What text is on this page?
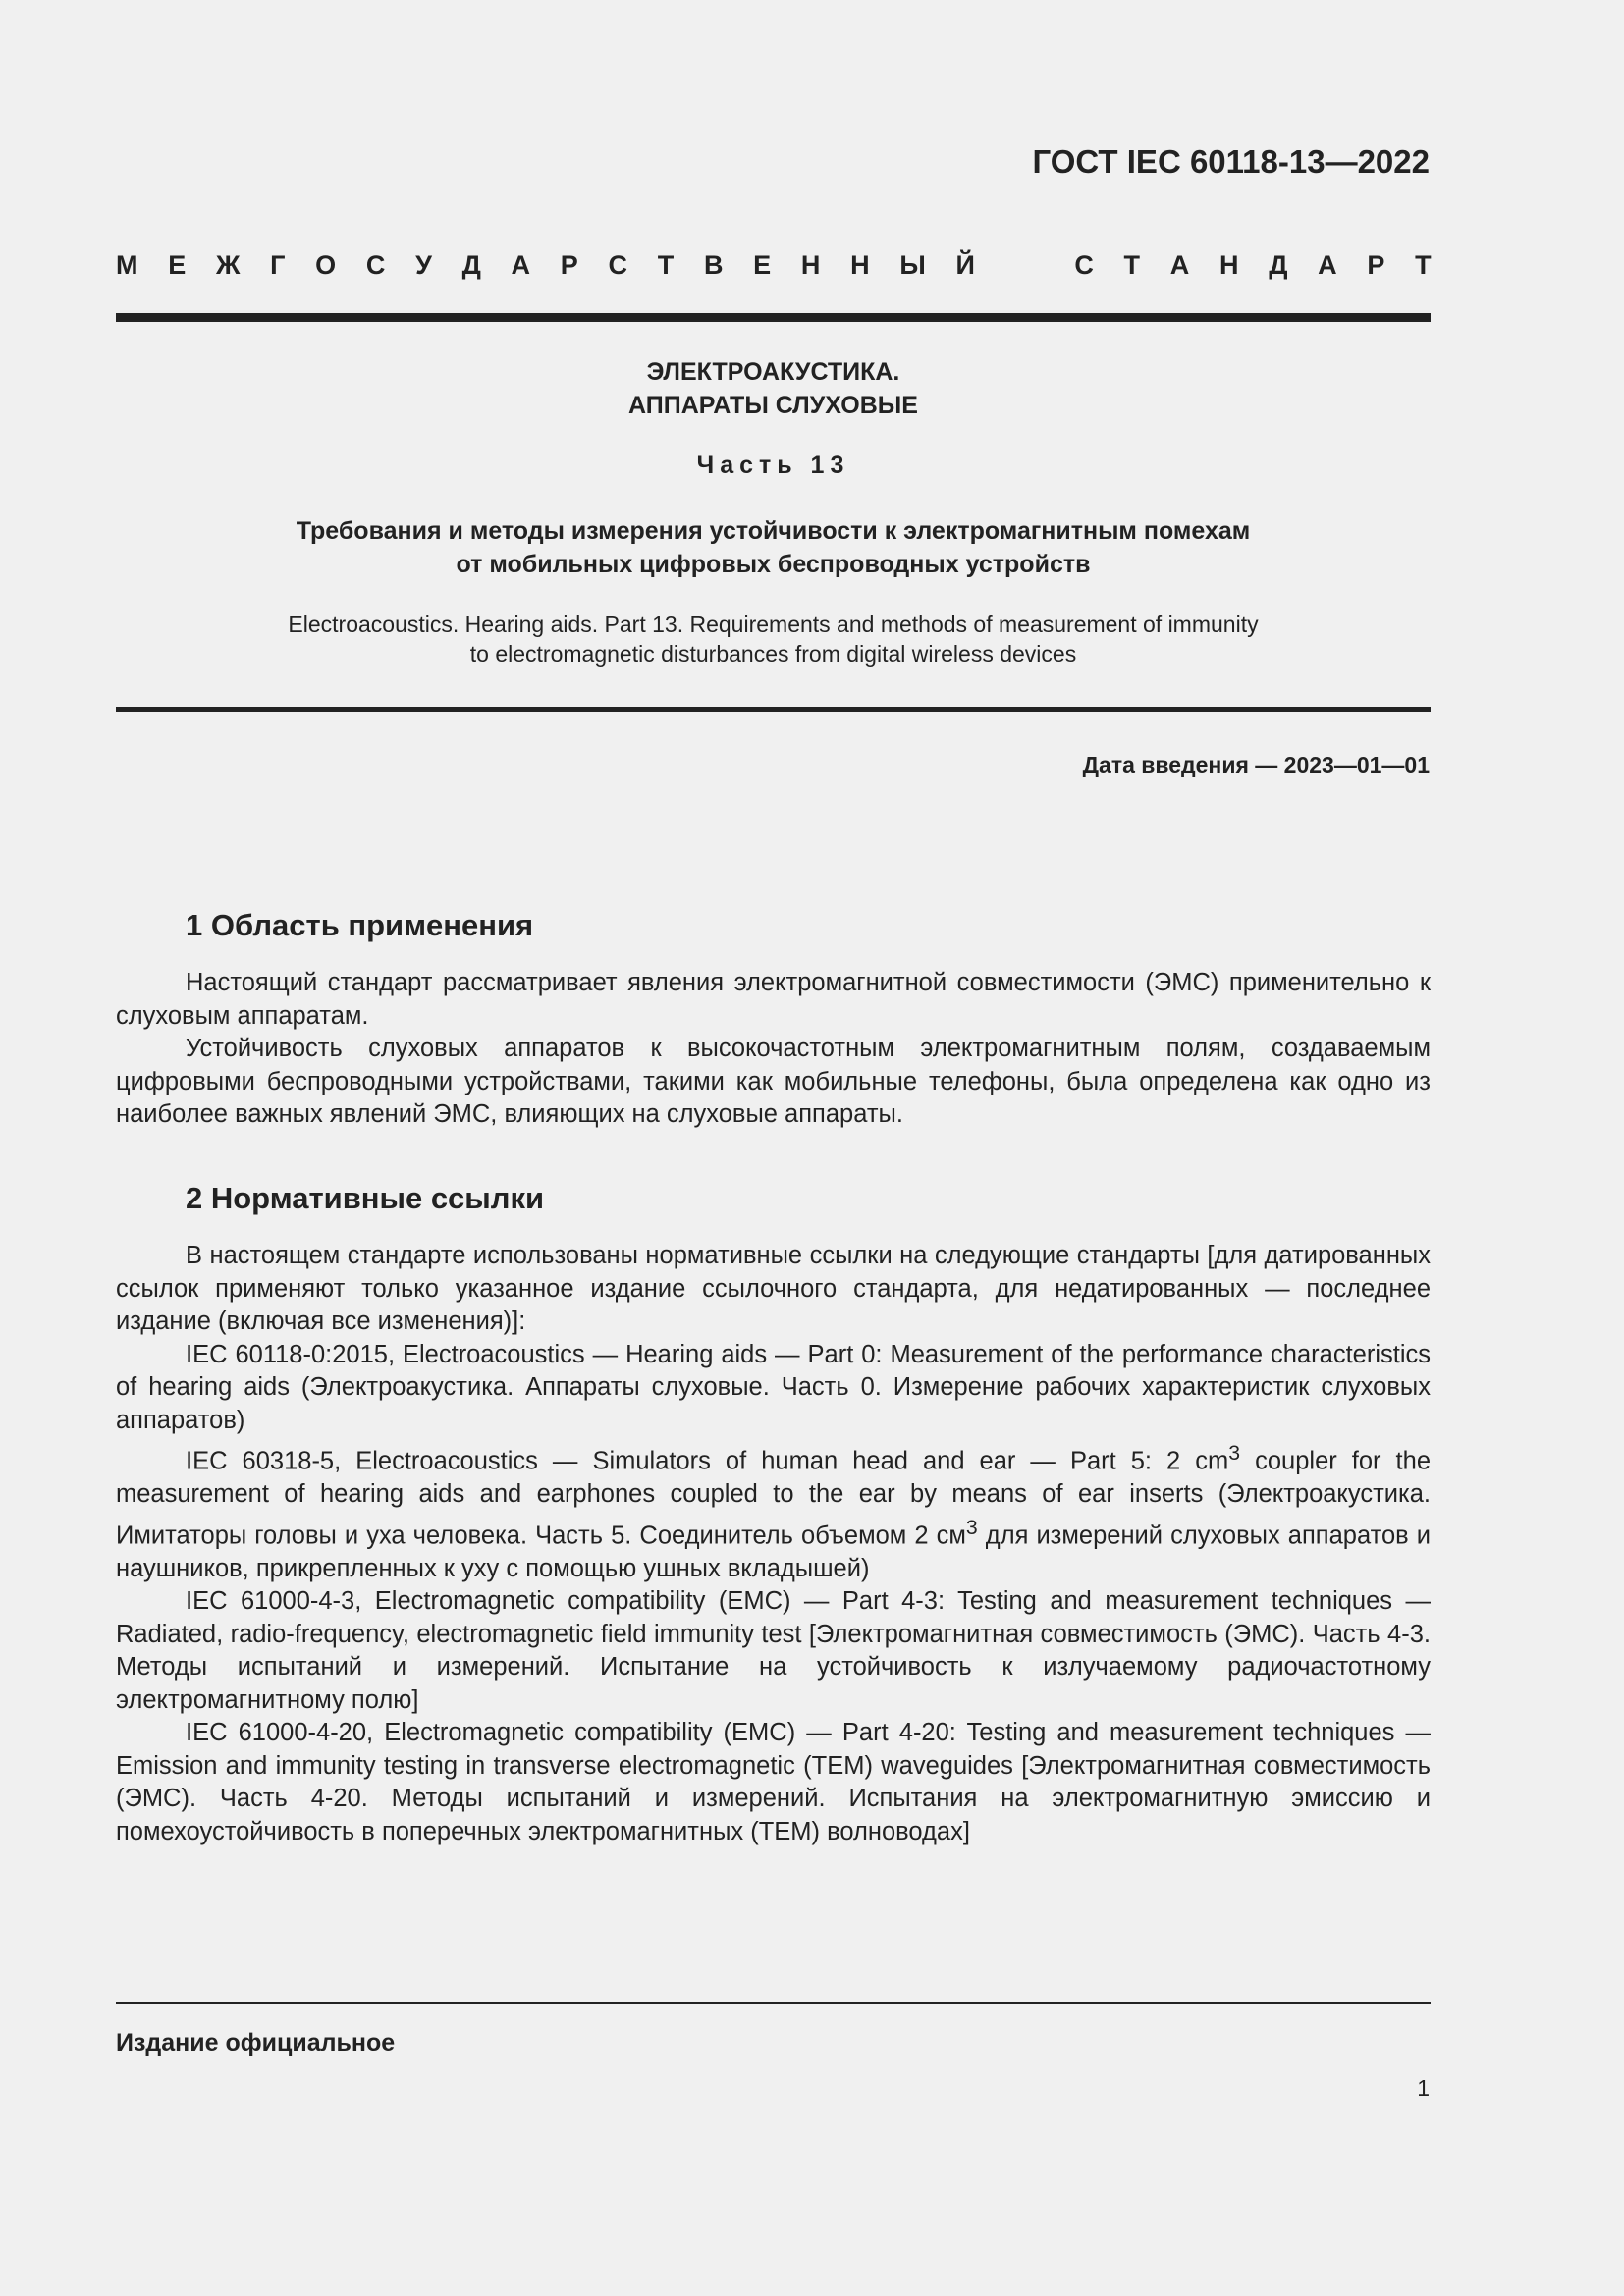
ГОСТ IEC 60118-13—2022
М Е Ж Г О С У Д А Р С Т В Е Н Н Ы Й	С Т А Н Д А Р Т
ЭЛЕКТРОАКУСТИКА.
АППАРАТЫ СЛУХОВЫЕ
Часть 13
Требования и методы измерения устойчивости к электромагнитным помехам
от мобильных цифровых беспроводных устройств
Electroacoustics. Hearing aids. Part 13. Requirements and methods of measurement of immunity
to electromagnetic disturbances from digital wireless devices
Дата введения — 2023—01—01
1 Область применения

Настоящий стандарт рассматривает явления электромагнитной совместимости (ЭМС) применительно к слуховым аппаратам.

Устойчивость слуховых аппаратов к высокочастотным электромагнитным полям, создаваемым цифровыми беспроводными устройствами, такими как мобильные телефоны, была определена как одно из наиболее важных явлений ЭМС, влияющих на слуховые аппараты.

2 Нормативные ссылки

В настоящем стандарте использованы нормативные ссылки на следующие стандарты [для датированных ссылок применяют только указанное издание ссылочного стандарта, для недатированных — последнее издание (включая все изменения)]:

IEC 60118-0:2015, Electroacoustics — Hearing aids — Part 0: Measurement of the performance characteristics of hearing aids (Электроакустика. Аппараты слуховые. Часть 0. Измерение рабочих характеристик слуховых аппаратов)

IEC 60318-5, Electroacoustics — Simulators of human head and ear — Part 5: 2 $cm^3$ coupler for the measurement of hearing aids and earphones coupled to the ear by means of ear inserts (Электроакустика. Имитаторы головы и уха человека. Часть 5. Соединитель объемом 2 $см^3$ для измерений слуховых аппаратов и наушников, прикрепленных к уху с помощью ушных вкладышей)

IEC 61000-4-3, Electromagnetic compatibility (EMC) — Part 4-3: Testing and measurement techniques — Radiated, radio-frequency, electromagnetic field immunity test [Электромагнитная совместимость (ЭМС). Часть 4-3. Методы испытаний и измерений. Испытание на устойчивость к излучаемому радиочастотному электромагнитному полю]

IEC 61000-4-20, Electromagnetic compatibility (EMC) — Part 4-20: Testing and measurement techniques — Emission and immunity testing in transverse electromagnetic (TEM) waveguides [Электромагнитная совместимость (ЭМС). Часть 4-20. Методы испытаний и измерений. Испытания на электромагнитную эмиссию и помехоустойчивость в поперечных электромагнитных (ТЕМ) волноводах]

Издание официальное
1
